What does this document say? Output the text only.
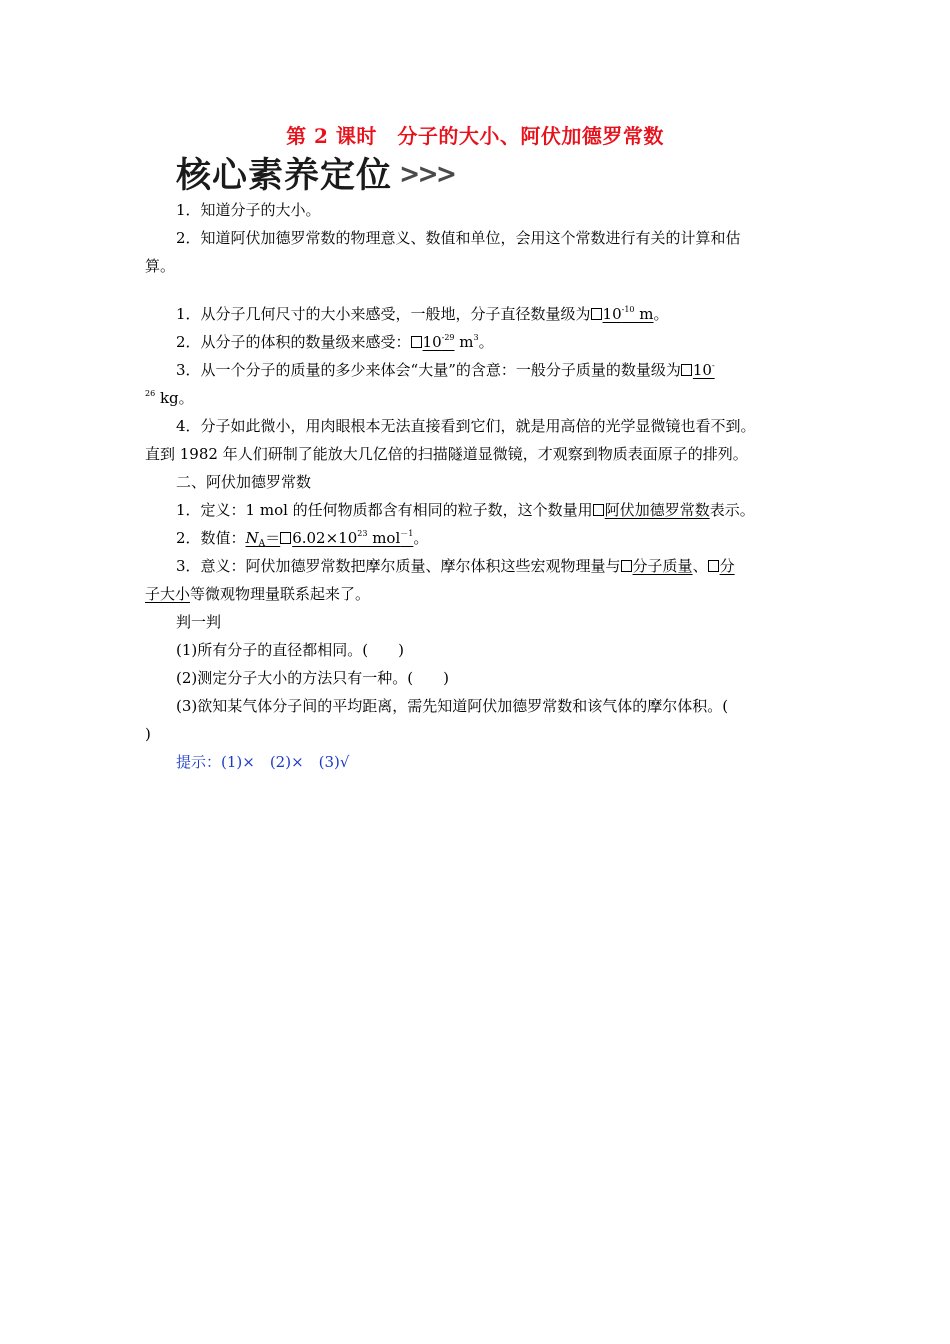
第 2 课时　分子的大小、阿伏加德罗常数
核心素养定位 >>>
1．知道分子的大小。
2．知道阿伏加德罗常数的物理意义、数值和单位，会用这个常数进行有关的计算和估
算。
1．从分子几何尺寸的大小来感受，一般地，分子直径数量级为 $10^{-10}$ m。
2．从分子的体积的数量级来感受： $10^{-29}$ $m^3$。
3．从一个分子的质量的多少来体会“大量”的含意：一般分子质量的数量级为 10-
$^{26}$ kg。
4．分子如此微小，用肉眼根本无法直接看到它们，就是用高倍的光学显微镜也看不到。
直到 1982 年人们研制了能放大几亿倍的扫描隧道显微镜，才观察到物质表面原子的排列。
二、阿伏加德罗常数
1．定义：1 mol 的任何物质都含有相同的粒子数，这个数量用 阿伏加德罗常数表示。
2．数值：$N_A= 6.02\times 10^{23}$ mol$^{-1}$。
3．意义：阿伏加德罗常数把摩尔质量、摩尔体积这些宏观物理量与 分子质量、 分
子大小等微观物理量联系起来了。
判一判
(1)所有分子的直径都相同。(　　)
(2)测定分子大小的方法只有一种。(　　)
(3)欲知某气体分子间的平均距离，需先知道阿伏加德罗常数和该气体的摩尔体积。(
)
提示：(1)×　(2)×　(3)√
